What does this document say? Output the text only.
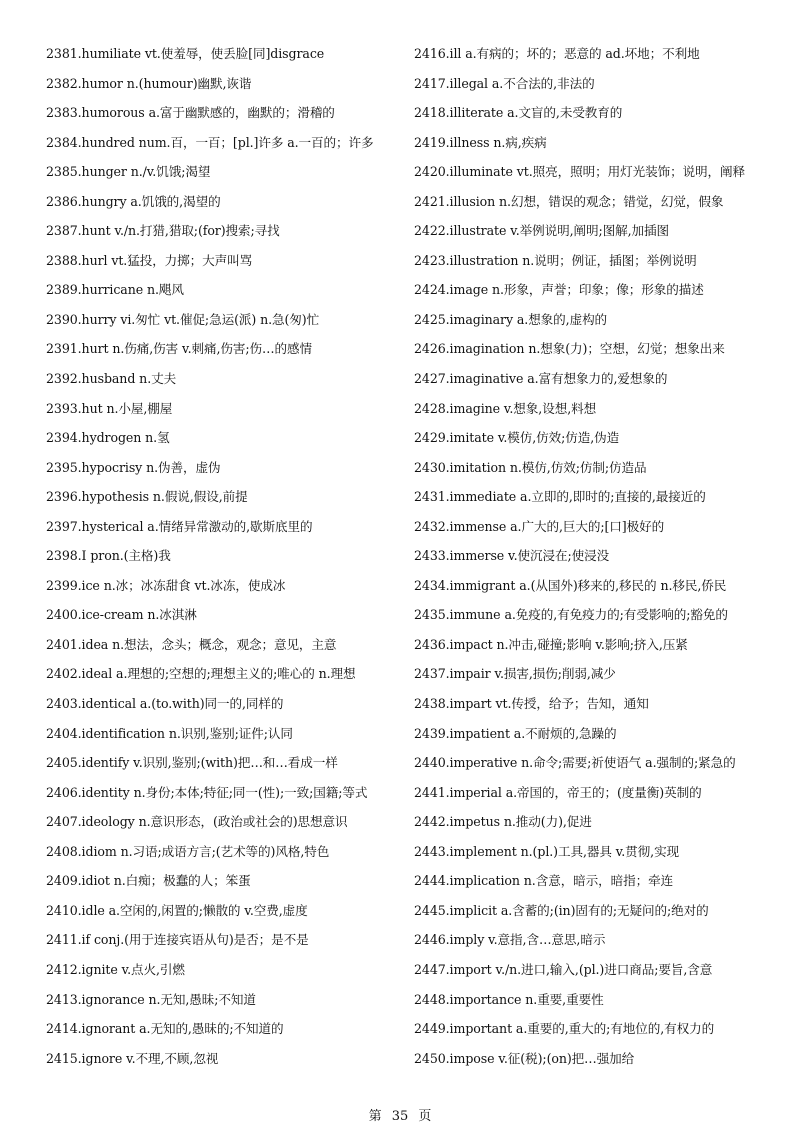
2381.humiliate vt.使羞辱，使丢脸[同]disgrace
2382.humor n.(humour)幽默,诙谐
2383.humorous a.富于幽默感的，幽默的；滑稽的
2384.hundred num.百，一百；[pl.]许多 a.一百的；许多
2385.hunger n./v.饥饿;渴望
2386.hungry a.饥饿的,渴望的
2387.hunt v./n.打猎,猎取;(for)搜索;寻找
2388.hurl vt.猛投，力掷；大声叫骂
2389.hurricane n.飓风
2390.hurry vi.匆忙 vt.催促;急运(派) n.急(匆)忙
2391.hurt n.伤痛,伤害 v.刺痛,伤害;伤…的感情
2392.husband n.丈夫
2393.hut n.小屋,棚屋
2394.hydrogen n.氢
2395.hypocrisy n.伪善，虚伪
2396.hypothesis n.假说,假设,前提
2397.hysterical a.情绪异常激动的,歇斯底里的
2398.I pron.(主格)我
2399.ice n.冰；冰冻甜食 vt.冰冻，使成冰
2400.ice-cream n.冰淇淋
2401.idea n.想法，念头；概念，观念；意见，主意
2402.ideal a.理想的;空想的;理想主义的;唯心的 n.理想
2403.identical a.(to.with)同一的,同样的
2404.identification n.识别,鉴别;证件;认同
2405.identify v.识别,鉴别;(with)把…和…看成一样
2406.identity n.身份;本体;特征;同一(性);一致;国籍;等式
2407.ideology n.意识形态，(政治或社会的)思想意识
2408.idiom n.习语;成语方言;(艺术等的)风格,特色
2409.idiot n.白痴；极蠢的人；笨蛋
2410.idle a.空闲的,闲置的;懒散的 v.空费,虚度
2411.if conj.(用于连接宾语从句)是否；是不是
2412.ignite v.点火,引燃
2413.ignorance n.无知,愚昧;不知道
2414.ignorant a.无知的,愚昧的;不知道的
2415.ignore v.不理,不顾,忽视
2416.ill a.有病的；坏的；恶意的 ad.坏地；不利地
2417.illegal a.不合法的,非法的
2418.illiterate a.文盲的,未受教育的
2419.illness n.病,疾病
2420.illuminate vt.照亮，照明；用灯光装饰；说明，阐释
2421.illusion n.幻想，错误的观念；错觉，幻觉，假象
2422.illustrate v.举例说明,阐明;图解,加插图
2423.illustration n.说明；例证，插图；举例说明
2424.image n.形象，声誉；印象；像；形象的描述
2425.imaginary a.想象的,虚构的
2426.imagination n.想象(力)；空想，幻觉；想象出来
2427.imaginative a.富有想象力的,爱想象的
2428.imagine v.想象,设想,料想
2429.imitate v.模仿,仿效;仿造,伪造
2430.imitation n.模仿,仿效;仿制;仿造品
2431.immediate a.立即的,即时的;直接的,最接近的
2432.immense a.广大的,巨大的;[口]极好的
2433.immerse v.使沉浸在;使浸没
2434.immigrant a.(从国外)移来的,移民的 n.移民,侨民
2435.immune a.免疫的,有免疫力的;有受影响的;豁免的
2436.impact n.冲击,碰撞;影响 v.影响;挤入,压紧
2437.impair v.损害,损伤;削弱,减少
2438.impart vt.传授，给予；告知，通知
2439.impatient a.不耐烦的,急躁的
2440.imperative n.命令;需要;祈使语气 a.强制的;紧急的
2441.imperial a.帝国的，帝王的；(度量衡)英制的
2442.impetus n.推动(力),促进
2443.implement n.(pl.)工具,器具 v.贯彻,实现
2444.implication n.含意，暗示，暗指；牵连
2445.implicit a.含蓄的;(in)固有的;无疑问的;绝对的
2446.imply v.意指,含…意思,暗示
2447.import v./n.进口,输入,(pl.)进口商品;要旨,含意
2448.importance n.重要,重要性
2449.important a.重要的,重大的;有地位的,有权力的
2450.impose v.征(税);(on)把…强加给
第 35 页
